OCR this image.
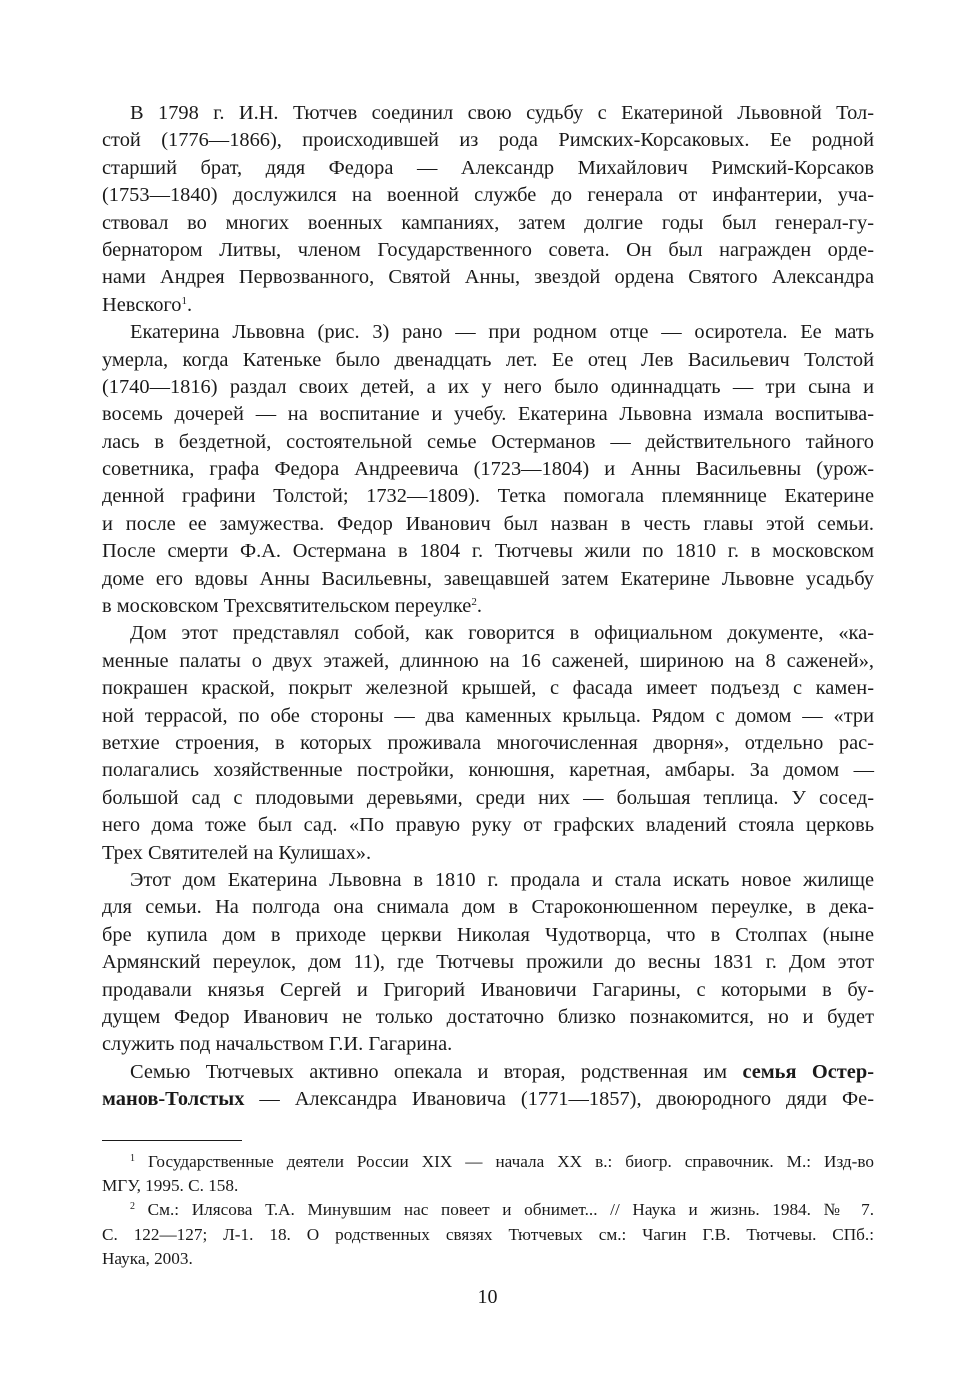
В 1798 г. И.Н. Тютчев соединил свою судьбу с Екатериной Львовной Тол-
стой (1776—1866), происходившей из рода Римских-Корсаковых. Ее родной
старший брат, дядя Федора — Александр Михайлович Римский-Корсаков
(1753—1840) дослужился на военной службе до генерала от инфантерии, уча-
ствовал во многих военных кампаниях, затем долгие годы был генерал-гу-
бернатором Литвы, членом Государственного совета. Он был награжден орде-
нами Андрея Первозванного, Святой Анны, звездой ордена Святого Александра
Невского$^1$.
Екатерина Львовна (рис. 3) рано — при родном отце — осиротела. Ее мать
умерла, когда Катеньке было двенадцать лет. Ее отец Лев Васильевич Толстой
(1740—1816) раздал своих детей, а их у него было одиннадцать — три сына и
восемь дочерей — на воспитание и учебу. Екатерина Львовна измала воспитыва-
лась в бездетной, состоятельной семье Остерманов — действительного тайного
советника, графа Федора Андреевича (1723—1804) и Анны Васильевны (урож-
денной графини Толстой; 1732—1809). Тетка помогала племяннице Екатерине
и после ее замужества. Федор Иванович был назван в честь главы этой семьи.
После смерти Ф.А. Остермана в 1804 г. Тютчевы жили по 1810 г. в московском
доме его вдовы Анны Васильевны, завещавшей затем Екатерине Львовне усадьбу
в московском Трехсвятительском переулке$^2$.
Дом этот представлял собой, как говорится в официальном документе, «ка-
менные палаты о двух этажей, длинною на 16 саженей, шириною на 8 саженей»,
покрашен краской, покрыт железной крышей, с фасада имеет подъезд с камен-
ной террасой, по обе стороны — два каменных крыльца. Рядом с домом — «три
ветхие строения, в которых проживала многочисленная дворня», отдельно рас-
полагались хозяйственные постройки, конюшня, каретная, амбары. За домом —
большой сад с плодовыми деревьями, среди них — большая теплица. У сосед-
него дома тоже был сад. «По правую руку от графских владений стояла церковь
Трех Святителей на Кулишах».
Этот дом Екатерина Львовна в 1810 г. продала и стала искать новое жилище
для семьи. На полгода она снимала дом в Староконюшенном переулке, в дека-
бре купила дом в приходе церкви Николая Чудотворца, что в Столпах (ныне
Армянский переулок, дом 11), где Тютчевы прожили до весны 1831 г. Дом этот
продавали князья Сергей и Григорий Ивановичи Гагарины, с которыми в бу-
дущем Федор Иванович не только достаточно близко познакомится, но и будет
служить под начальством Г.И. Гагарина.
Семью Тютчевых активно опекала и вторая, родственная им семья Остер-
манов-Толстых — Александра Ивановича (1771—1857), двоюродного дяди Фе-
$^1$ Государственные деятели России XIX — начала XX в.: биогр. справочник. М.: Изд-во
МГУ, 1995. С. 158.
$^2$ См.: Илясова Т.А. Минувшим нас повеет и обнимет... // Наука и жизнь. 1984. № 7.
С. 122—127; Л-1. 18. О родственных связях Тютчевых см.: Чагин Г.В. Тютчевы. СПб.:
Наука, 2003.
10
